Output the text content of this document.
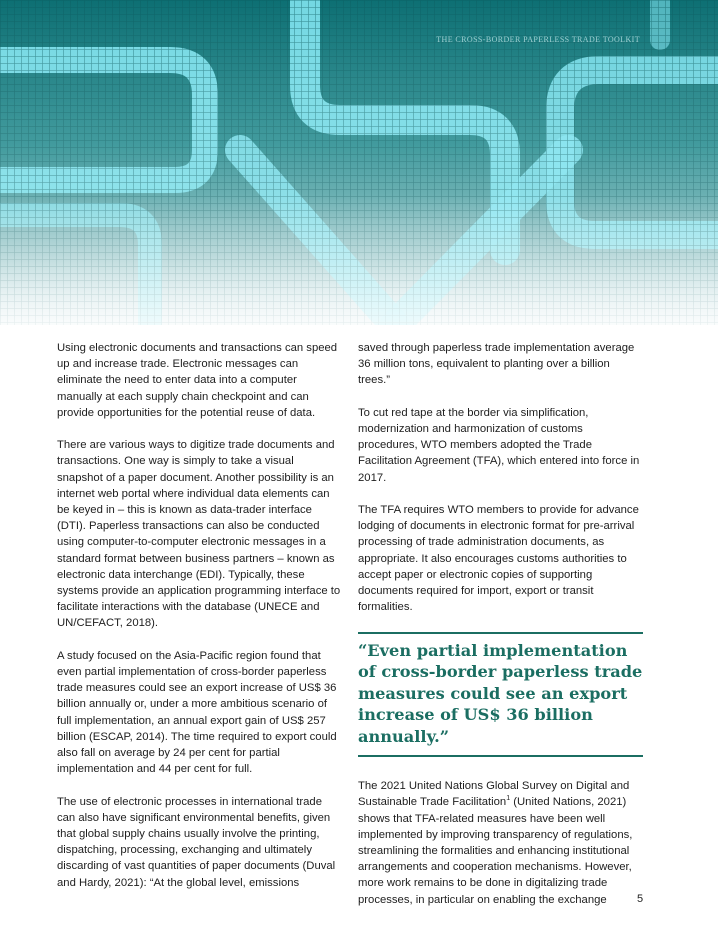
THE CROSS-BORDER PAPERLESS TRADE TOOLKIT

Using electronic documents and transactions can speed up and increase trade. Electronic messages can eliminate the need to enter data into a computer manually at each supply chain checkpoint and can provide opportunities for the potential reuse of data.

There are various ways to digitize trade documents and transactions. One way is simply to take a visual snapshot of a paper document. Another possibility is an internet web portal where individual data elements can be keyed in – this is known as data-trader interface (DTI). Paperless transactions can also be conducted using computer-to-computer electronic messages in a standard format between business partners – known as electronic data interchange (EDI). Typically, these systems provide an application programming interface to facilitate interactions with the database (UNECE and UN/CEFACT, 2018).

A study focused on the Asia-Pacific region found that even partial implementation of cross-border paperless trade measures could see an export increase of US$ 36 billion annually or, under a more ambitious scenario of full implementation, an annual export gain of US$ 257 billion (ESCAP, 2014). The time required to export could also fall on average by 24 per cent for partial implementation and 44 per cent for full.

The use of electronic processes in international trade can also have significant environmental benefits, given that global supply chains usually involve the printing, dispatching, processing, exchanging and ultimately discarding of vast quantities of paper documents (Duval and Hardy, 2021): “At the global level, emissions

saved through paperless trade implementation average 36 million tons, equivalent to planting over a billion trees.”

To cut red tape at the border via simplification, modernization and harmonization of customs procedures, WTO members adopted the Trade Facilitation Agreement (TFA), which entered into force in 2017.

The TFA requires WTO members to provide for advance lodging of documents in electronic format for pre-arrival processing of trade administration documents, as appropriate. It also encourages customs authorities to accept paper or electronic copies of supporting documents required for import, export or transit formalities.

“Even partial implementation of cross-border paperless trade measures could see an export increase of US$ 36 billion annually.”

The 2021 United Nations Global Survey on Digital and Sustainable Trade Facilitation$^1$ (United Nations, 2021) shows that TFA-related measures have been well implemented by improving transparency of regulations, streamlining the formalities and enhancing institutional arrangements and cooperation mechanisms. However, more work remains to be done in digitalizing trade processes, in particular on enabling the exchange	5
